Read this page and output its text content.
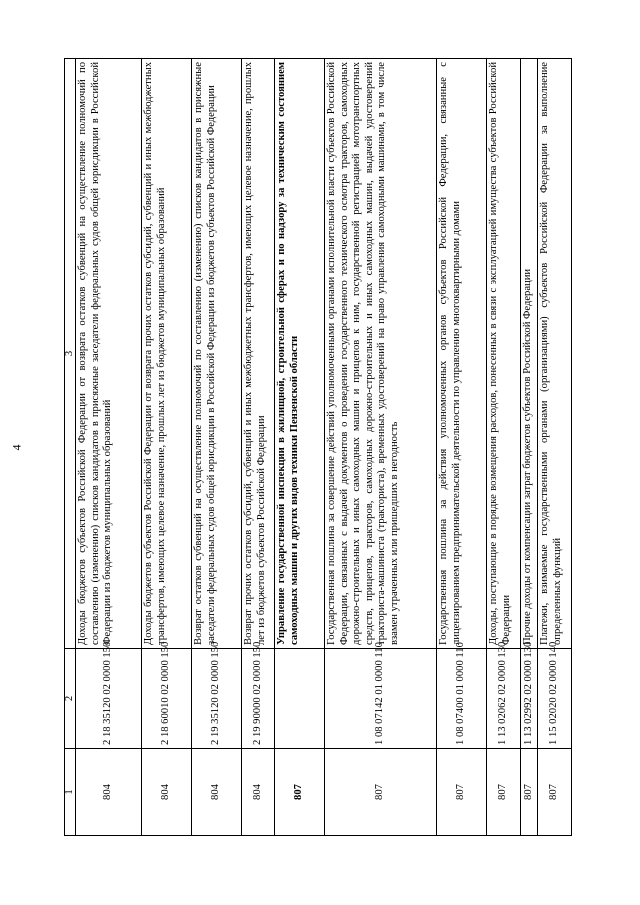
4
1	2	3
804	2 18 35120 02 0000 150	Доходы бюджетов субъектов Российской Федерации от возврата остатков субвенций на осуществление полномочий по составлению (изменению) списков кандидатов в присяжные заседатели федеральных судов общей юрисдикции в Российской Федерации из бюджетов муниципальных образований
804	2 18 60010 02 0000 150	Доходы бюджетов субъектов Российской Федерации от возврата прочих остатков субсидий, субвенций и иных межбюджетных трансфертов, имеющих целевое назначение, прошлых лет из бюджетов муниципальных образований
804	2 19 35120 02 0000 150	Возврат остатков субвенций на осуществление полномочий по составлению (изменению) списков кандидатов в присяжные заседатели федеральных судов общей юрисдикции в Российской Федерации из бюджетов субъектов Российской Федерации
804	2 19 90000 02 0000 150	Возврат прочих остатков субсидий, субвенций и иных межбюджетных трансфертов, имеющих целевое назначение, прошлых лет из бюджетов субъектов Российской Федерации
807		Управление государственной инспекции в жилищной, строительной сферах и по надзору за техническим состоянием самоходных машин и других видов техники Пензенской области
807	1 08 07142 01 0000 110	Государственная пошлина за совершение действий уполномоченными органами исполнительной власти субъектов Российской Федерации, связанных с выдачей документов о проведении государственного технического осмотра тракторов, самоходных дорожно-строительных и иных самоходных машин и прицепов к ним, государственной регистрацией мототранспортных средств, прицепов, тракторов, самоходных дорожно-строительных и иных самоходных машин, выдачей удостоверений тракториста-машиниста (тракториста), временных удостоверений на право управления самоходными машинами, в том числе взамен утраченных или пришедших в негодность
807	1 08 07400 01 0000 110	Государственная пошлина за действия уполномоченных органов субъектов Российской Федерации, связанные с лицензированием предпринимательской деятельности по управлению многоквартирными домами
807	1 13 02062 02 0000 130	Доходы, поступающие в порядке возмещения расходов, понесенных в связи с эксплуатацией имущества субъектов Российской Федерации
807	1 13 02992 02 0000 130	Прочие доходы от компенсации затрат бюджетов субъектов Российской Федерации
807	1 15 02020 02 0000 140	Платежи, взимаемые государственными органами (организациями) субъектов Российской Федерации за выполнение определенных функций
